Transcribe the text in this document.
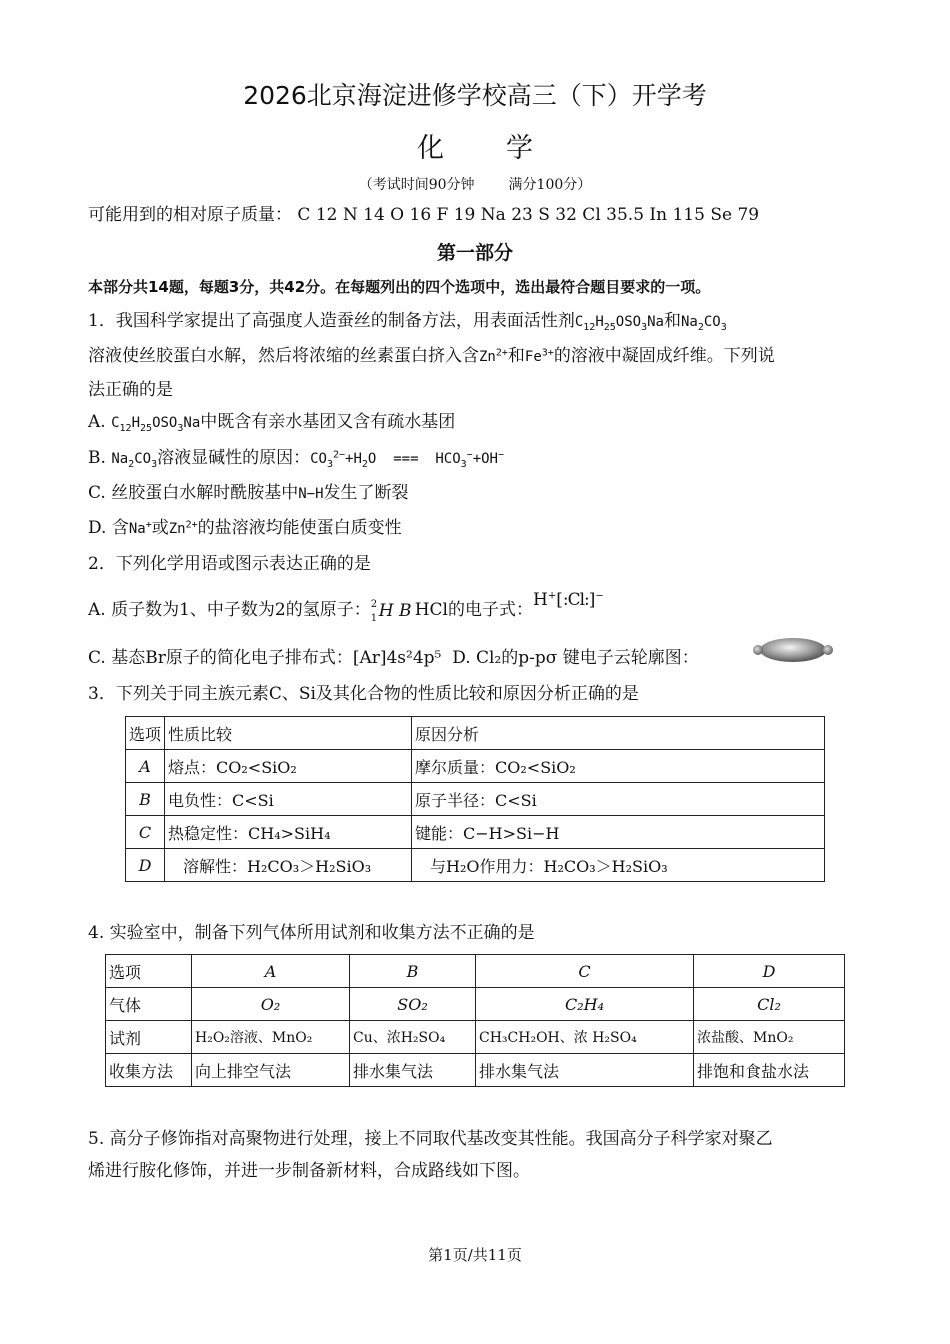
2026北京海淀进修学校高三（下）开学考
化学
（考试时间90分钟 满分100分）
可能用到的相对原子质量： C 12 N 14 O 16 F 19 Na 23 S 32 Cl 35.5 In 115 Se 79
第一部分
本部分共14题，每题3分，共42分。在每题列出的四个选项中，选出最符合题目要求的一项。
1．我国科学家提出了高强度人造蚕丝的制备方法，用表面活性剂$C_{12}H_{25}OSO_3Na$和$Na_2CO_3$
溶液使丝胶蛋白水解，然后将浓缩的丝素蛋白挤入含$Zn^{2+}$和$Fe^{3+}$的溶液中凝固成纤维。下列说
法正确的是
A. $C_{12}H_{25}OSO_3Na$中既含有亲水基团又含有疏水基团
B. $Na_2CO_3$溶液显碱性的原因：$CO_3^{2-}+H_2O$  ===  $HCO_3^-+OH^-$
C. 丝胶蛋白水解时酰胺基中N−H发生了断裂
D. 含Na+或$Zn^{2+}$的盐溶液均能使蛋白质变性
2．下列化学用语或图示表达正确的是
A. 质子数为1、中子数为2的氢原子： 2
1 H B HCl的电子式：H+[:Cl:]−
C. 基态Br原子的简化电子排布式：[Ar]4s²4p⁵ D. Cl₂的p-pσ 键电子云轮廓图：
3．下列关于同主族元素C、Si及其化合物的性质比较和原因分析正确的是
选项	性质比较	原因分析
A	熔点：CO₂<SiO₂	摩尔质量：CO₂<SiO₂
B	电负性：C<Si	原子半径：C<Si
C	热稳定性：CH₄>SiH₄	键能：C−H>Si−H
D	溶解性：H₂CO₃＞H₂SiO₃	与H₂O作用力：H₂CO₃＞H₂SiO₃
4. 实验室中，制备下列气体所用试剂和收集方法不正确的是
选项	A	B	C	D
气体	O₂	SO₂	C₂H₄	Cl₂
试剂	H₂O₂溶液、MnO₂	Cu、浓H₂SO₄	CH₃CH₂OH、浓 H₂SO₄	浓盐酸、MnO₂
收集方法	向上排空气法	排水集气法	排水集气法	排饱和食盐水法
5. 高分子修饰指对高聚物进行处理，接上不同取代基改变其性能。我国高分子科学家对聚乙
烯进行胺化修饰，并进一步制备新材料，合成路线如下图。
第1页/共11页
